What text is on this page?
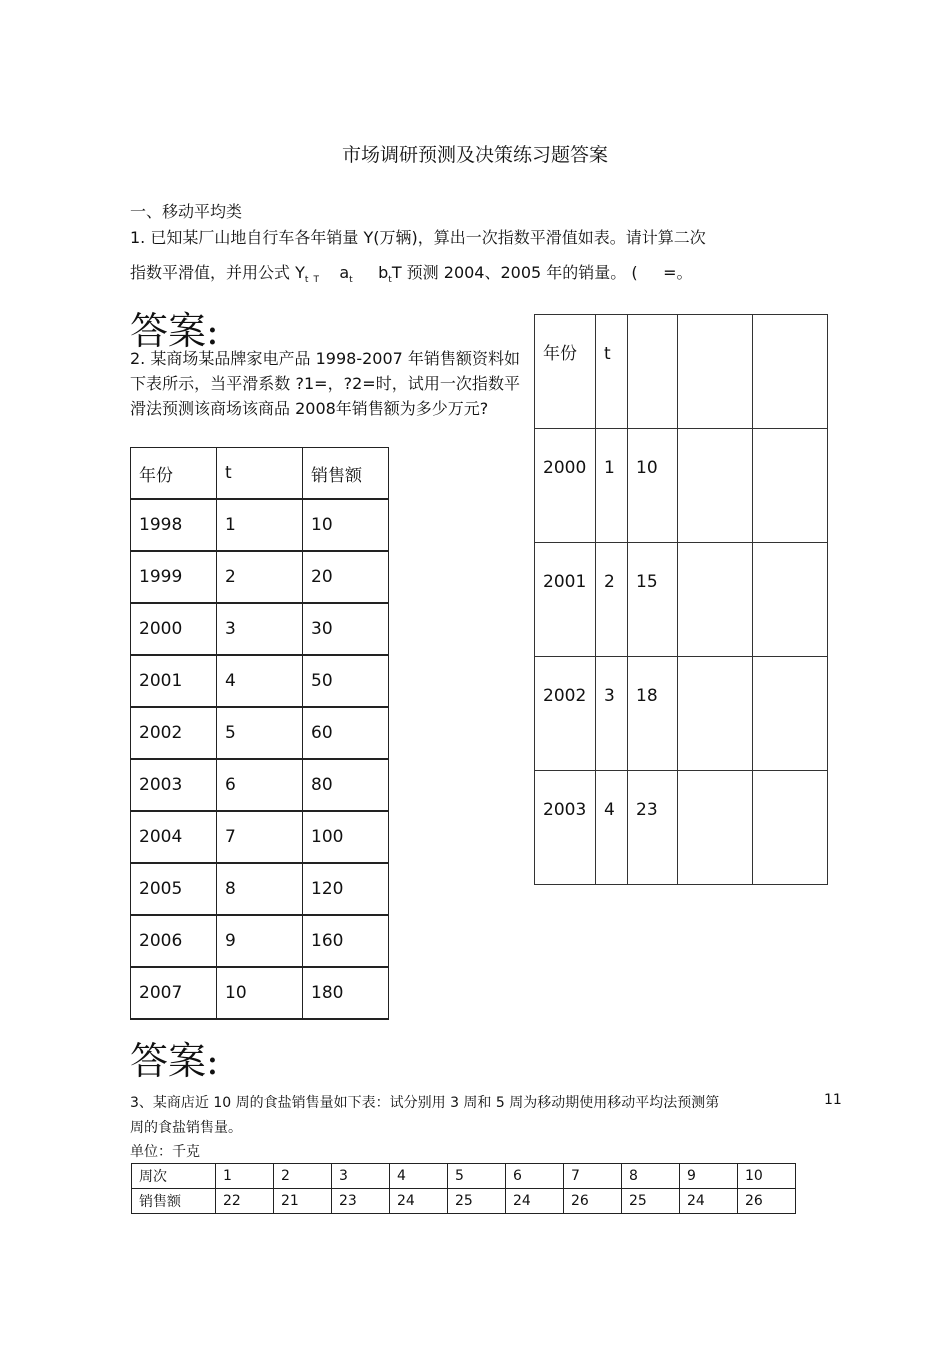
市场调研预测及决策练习题答案
一、移动平均类
1. 已知某厂山地自行车各年销量 Y(万辆)，算出一次指数平滑值如表。请计算二次
指数平滑值，并用公式 $Y_t$ $_T$ $a_t$ $b_tT$ 预测 2004、2005 年的销量。 ( =。
答案:
2. 某商场某品牌家电产品 1998-2007 年销售额资料如下表所示，当平滑系数 ?1=，?2=时，试用一次指数平滑法预测该商场该商品 2008年销售额为多少万元?
年份	t			
2000	1	10		
2001	2	15		
2002	3	18		
2003	4	23		
年份	t	销售额
1998	1	10
1999	2	20
2000	3	30
2001	4	50
2002	5	60
2003	6	80
2004	7	100
2005	8	120
2006	9	160
2007	10	180
答案:
3、某商店近 10 周的食盐销售量如下表：试分别用 3 周和 5 周为移动期使用移动平均法预测第	11
周的食盐销售量。
单位：千克
周次	1	2	3	4	5	6	7	8	9	10
销售额	22	21	23	24	25	24	26	25	24	26
